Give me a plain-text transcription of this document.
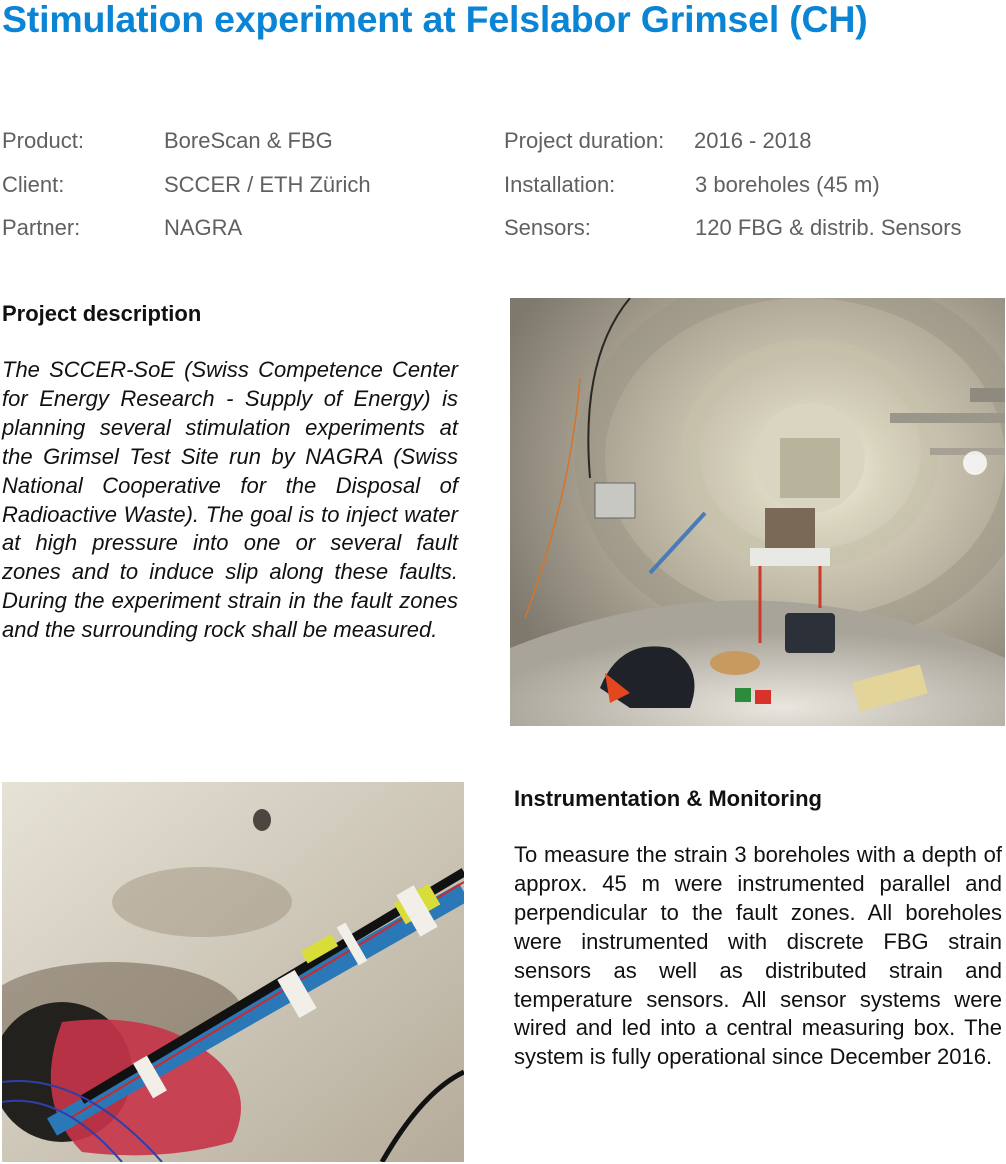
Stimulation experiment at Felslabor Grimsel (CH)
Product:	BoreScan & FBG
Client:	SCCER / ETH Zürich
Partner:	NAGRA
Project duration: 2016 - 2018
Installation:	3 boreholes (45 m)
Sensors:	120 FBG & distrib. Sensors
Project description

The SCCER-SoE (Swiss Competence Center for Energy Research - Supply of Energy) is planning several stimulation experiments at the Grimsel Test Site run by NAGRA (Swiss National Cooperative for the Disposal of Radioactive Waste). The goal is to inject water at high pressure into one or several fault zones and to induce slip along these faults. During the experiment strain in the fault zones and the surrounding rock shall be measured.

Instrumentation & Monitoring

To measure the strain 3 boreholes with a depth of approx. 45 m were instrumented parallel and perpendicular to the fault zones. All boreholes were instrumented with discrete FBG strain sensors as well as distributed strain and temperature sensors. All sensor systems were wired and led into a central measuring box. The system is fully operational since December 2016.
